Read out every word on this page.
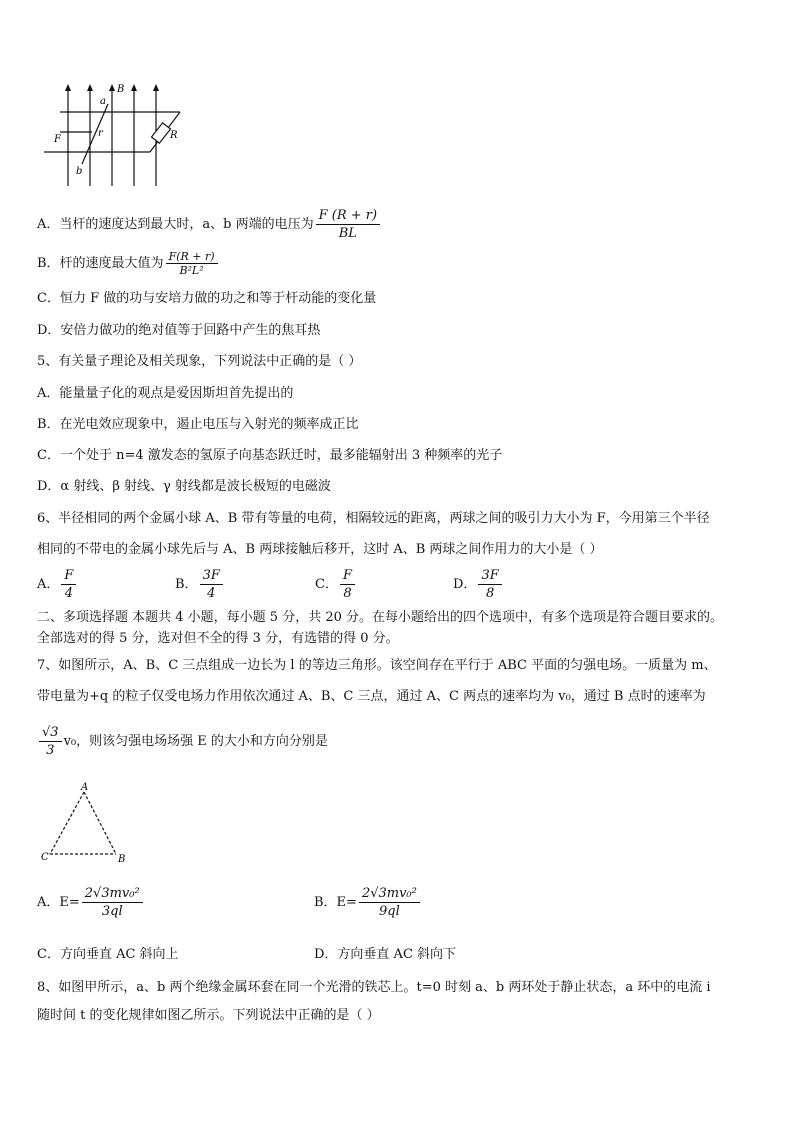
a
B
r
F	R
b
A．当杆的速度达到最大时，a、b 两端的电压为 $\frac{F (R + r)}{BL}$
B．杆的速度最大值为 $\frac{F(R + r)}{\text{B²L²}}$
C．恒力 F 做的功与安培力做的功之和等于杆动能的变化量
D．安倍力做功的绝对值等于回路中产生的焦耳热
5、有关量子理论及相关现象，下列说法中正确的是（ ）
A．能量量子化的观点是爱因斯坦首先提出的
B．在光电效应现象中，遏止电压与入射光的频率成正比
C．一个处于 n=4 激发态的氢原子向基态跃迁时，最多能辐射出 3 种频率的光子
D．α 射线、β 射线、γ 射线都是波长极短的电磁波
6、半径相同的两个金属小球 A、B 带有等量的电荷，相隔较远的距离，两球之间的吸引力大小为 F，今用第三个半径
相同的不带电的金属小球先后与 A、B 两球接触后移开，这时 A、B 两球之间作用力的大小是（ ）
A． $\frac{F}{4}$	B． $\frac{3F}{4}$	C． $\frac{F}{8}$	D． $\frac{3F}{8}$
二、多项选择题 本题共 4 小题，每小题 5 分，共 20 分。在每小题给出的四个选项中，有多个选项是符合题目要求的。
全部选对的得 5 分，选对但不全的得 3 分，有选错的得 0 分。
7、如图所示，A、B、C 三点组成一边长为 l 的等边三角形。该空间存在平行于 ABC 平面的匀强电场。一质量为 m、
带电量为+q 的粒子仅受电场力作用依次通过 A、B、C 三点，通过 A、C 两点的速率均为 v₀，通过 B 点时的速率为
$\frac{√3}{3} v_0$，则该匀强电场场强 E 的大小和方向分别是
A
C	B
A．$E= \frac{\text{2√3mv₀²}}{3ql}$	B．$E= \frac{\text{2√3mv₀²}}{9ql}$
C．方向垂直 AC 斜向上	D．方向垂直 AC 斜向下
8、如图甲所示，a、b 两个绝缘金属环套在同一个光滑的铁芯上。t=0 时刻 a、b 两环处于静止状态，a 环中的电流 i
随时间 t 的变化规律如图乙所示。下列说法中正确的是（ ）
